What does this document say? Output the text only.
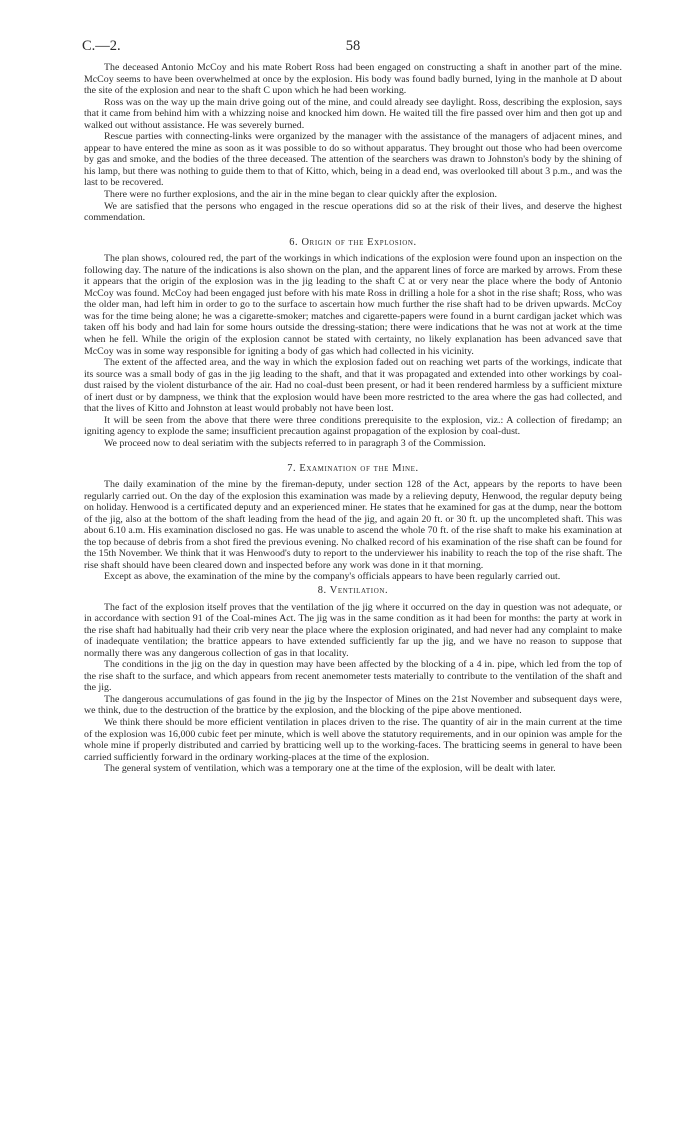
C.—2.	58

The deceased Antonio McCoy and his mate Robert Ross had been engaged on constructing a shaft in another part of the mine. McCoy seems to have been overwhelmed at once by the explosion. His body was found badly burned, lying in the manhole at D about the site of the explosion and near to the shaft C upon which he had been working.

Ross was on the way up the main drive going out of the mine, and could already see daylight. Ross, describing the explosion, says that it came from behind him with a whizzing noise and knocked him down. He waited till the fire passed over him and then got up and walked out without assistance. He was severely burned.

Rescue parties with connecting-links were organized by the manager with the assistance of the managers of adjacent mines, and appear to have entered the mine as soon as it was possible to do so without apparatus. They brought out those who had been overcome by gas and smoke, and the bodies of the three deceased. The attention of the searchers was drawn to Johnston's body by the shining of his lamp, but there was nothing to guide them to that of Kitto, which, being in a dead end, was overlooked till about 3 p.m., and was the last to be recovered.

There were no further explosions, and the air in the mine began to clear quickly after the explosion.

We are satisfied that the persons who engaged in the rescue operations did so at the risk of their lives, and deserve the highest commendation.

6. Origin of the Explosion.

The plan shows, coloured red, the part of the workings in which indications of the explosion were found upon an inspection on the following day. The nature of the indications is also shown on the plan, and the apparent lines of force are marked by arrows. From these it appears that the origin of the explosion was in the jig leading to the shaft C at or very near the place where the body of Antonio McCoy was found. McCoy had been engaged just before with his mate Ross in drilling a hole for a shot in the rise shaft; Ross, who was the older man, had left him in order to go to the surface to ascertain how much further the rise shaft had to be driven upwards. McCoy was for the time being alone; he was a cigarette-smoker; matches and cigarette-papers were found in a burnt cardigan jacket which was taken off his body and had lain for some hours outside the dressing-station; there were indications that he was not at work at the time when he fell. While the origin of the explosion cannot be stated with certainty, no likely explanation has been advanced save that McCoy was in some way responsible for igniting a body of gas which had collected in his vicinity.

The extent of the affected area, and the way in which the explosion faded out on reaching wet parts of the workings, indicate that its source was a small body of gas in the jig leading to the shaft, and that it was propagated and extended into other workings by coal-dust raised by the violent disturbance of the air. Had no coal-dust been present, or had it been rendered harmless by a sufficient mixture of inert dust or by dampness, we think that the explosion would have been more restricted to the area where the gas had collected, and that the lives of Kitto and Johnston at least would probably not have been lost.

It will be seen from the above that there were three conditions prerequisite to the explosion, viz.: A collection of firedamp; an igniting agency to explode the same; insufficient precaution against propagation of the explosion by coal-dust.

We proceed now to deal seriatim with the subjects referred to in paragraph 3 of the Commission.

7. Examination of the Mine.

The daily examination of the mine by the fireman-deputy, under section 128 of the Act, appears by the reports to have been regularly carried out. On the day of the explosion this examination was made by a relieving deputy, Henwood, the regular deputy being on holiday. Henwood is a certificated deputy and an experienced miner. He states that he examined for gas at the dump, near the bottom of the jig, also at the bottom of the shaft leading from the head of the jig, and again 20 ft. or 30 ft. up the uncompleted shaft. This was about 6.10 a.m. His examination disclosed no gas. He was unable to ascend the whole 70 ft. of the rise shaft to make his examination at the top because of debris from a shot fired the previous evening. No chalked record of his examination of the rise shaft can be found for the 15th November. We think that it was Henwood's duty to report to the underviewer his inability to reach the top of the rise shaft. The rise shaft should have been cleared down and inspected before any work was done in it that morning.

Except as above, the examination of the mine by the company's officials appears to have been regularly carried out.

8. Ventilation.

The fact of the explosion itself proves that the ventilation of the jig where it occurred on the day in question was not adequate, or in accordance with section 91 of the Coal-mines Act. The jig was in the same condition as it had been for months: the party at work in the rise shaft had habitually had their crib very near the place where the explosion originated, and had never had any complaint to make of inadequate ventilation; the brattice appears to have extended sufficiently far up the jig, and we have no reason to suppose that normally there was any dangerous collection of gas in that locality.

The conditions in the jig on the day in question may have been affected by the blocking of a 4 in. pipe, which led from the top of the rise shaft to the surface, and which appears from recent anemometer tests materially to contribute to the ventilation of the shaft and the jig.

The dangerous accumulations of gas found in the jig by the Inspector of Mines on the 21st November and subsequent days were, we think, due to the destruction of the brattice by the explosion, and the blocking of the pipe above mentioned.

We think there should be more efficient ventilation in places driven to the rise. The quantity of air in the main current at the time of the explosion was 16,000 cubic feet per minute, which is well above the statutory requirements, and in our opinion was ample for the whole mine if properly distributed and carried by bratticing well up to the working-faces. The bratticing seems in general to have been carried sufficiently forward in the ordinary working-places at the time of the explosion.

The general system of ventilation, which was a temporary one at the time of the explosion, will be dealt with later.
